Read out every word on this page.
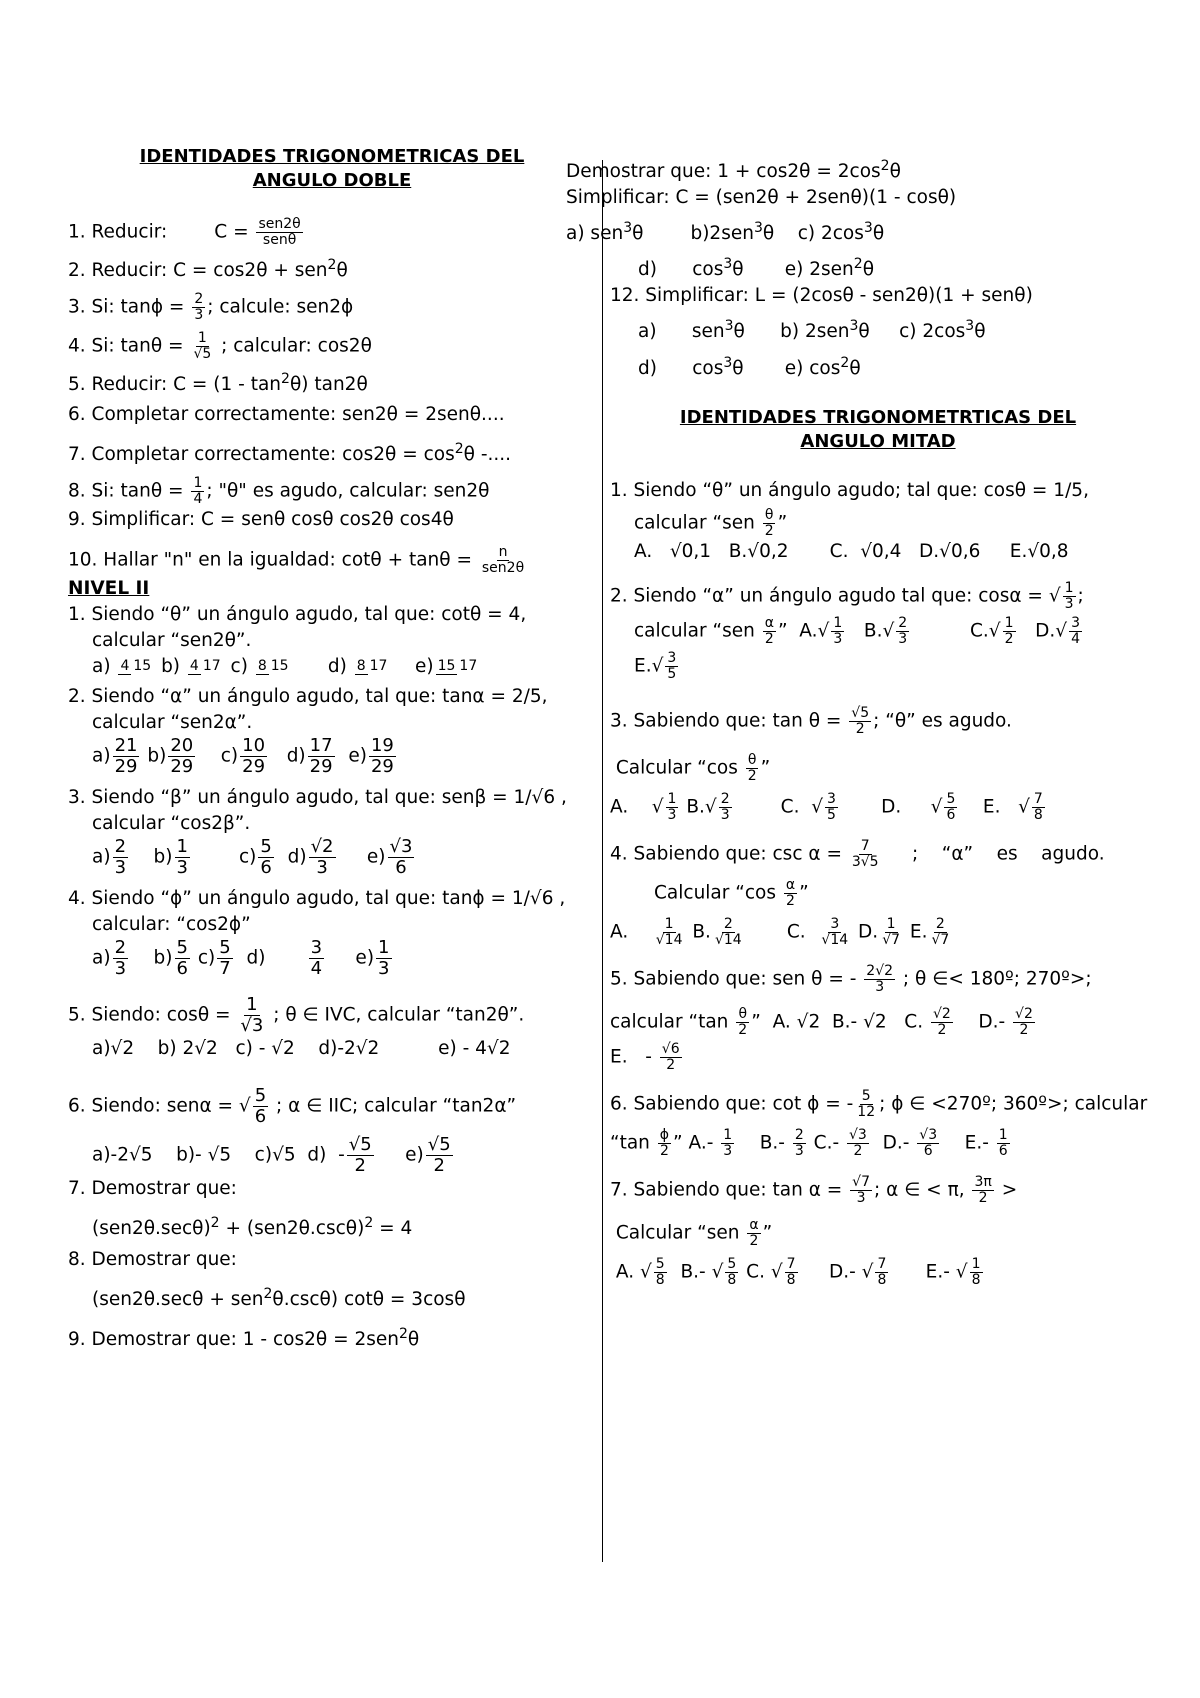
IDENTIDADES TRIGONOMETRICAS DEL
ANGULO DOBLE
1. Reducir:        $C = \frac{\text{sen2θ}}{\text{senθ}}$
2. Reducir: C = cos2θ + sen$^2$θ
3. Si: $\tan\phi = \frac{2}{3}$ ; calcule: sen2ϕ
4. Si: $\tan\theta = \frac{1}{√5}$ ; calcular: cos2θ
5. Reducir: $C = (1 - \tan^2\theta)$ tan2θ
6. Completar correctamente: sen2θ = 2senθ....
7. Completar correctamente: $\cos 2\theta = \cos^2\theta$ -....
8. Si: $\tan\theta = \frac{1}{4}$ ; "θ" es agudo, calcular: sen2θ
9. Simplificar: C = senθ cosθ cos2θ cos4θ
10. Hallar "n" en la igualdad: $\cot\theta + \tan\theta = \frac{n}{\text{sen2θ}}$
NIVEL II
1. Siendo “θ” un ángulo agudo, tal que: cotθ = 4,
calcular “sen2θ”.
a) 4 15 b) 4 17 c) 8 15      d) 8 17    e) 15 17
2. Siendo “α” un ángulo agudo, tal que: tanα = 2/5,
calcular “sen2α”.
$a) \frac{21}{29} b) \frac{20}{29} c) \frac{10}{29} d) \frac{17}{29} e) \frac{19}{29}$
3. Siendo “β” un ángulo agudo, tal que: senβ = 1/√6 ,
calcular “cos2β”.
$a) \frac{2}{3} b) \frac{1}{3} c) \frac{5}{6} d) \frac{√2}{3} e) \frac{√3}{6}$
4. Siendo “ϕ” un ángulo agudo, tal que: tanϕ = 1/√6 ,
calcular: “cos2ϕ”
$a) \frac{2}{3} b) \frac{5}{6} c) \frac{5}{7} d) \frac{3}{4} e) \frac{1}{3}$
5. Siendo: $\cos\theta = \frac{1}{√3}$ ; θ ∈ IVC, calcular “tan2θ”.
a)√2    b) 2√2   c) - √2    d)-2√2          e) - 4√2
6. Siendo: senα = √ $\frac{5}{6}$ ; α ∈ IIC; calcular “tan2α”
a)-2√5    b)- √5    c)√5  $d) - \frac{√5}{2} e) \frac{√5}{2}$
7. Demostrar que:
$(sen2\theta.\sec\theta)^2 + (sen2\theta.\csc\theta)^2 = 4$
8. Demostrar que:
(sen2θ.secθ + sen$^2$θ.cscθ) cotθ = 3cosθ
9. Demostrar que: 1 - cos2θ = 2sen$^2$θ
Demostrar que: $1 + \cos 2\theta = 2\cos^2\theta$
Simplificar: C = (sen2θ + 2senθ)(1 - cosθ)
a) sen$^3$θ        b)2sen$^3$θ    c) $2\cos^3\theta$
d)      $\cos^3\theta$       e) 2sen$^2$θ
12. Simplificar: L = (2cosθ - sen2θ)(1 + senθ)
a)      sen$^3$θ      b) 2sen$^3$θ     c) $2\cos^3\theta$
d)      $\cos^3\theta$       e) $\cos^2\theta$
IDENTIDADES TRIGONOMETRTICAS DEL
ANGULO MITAD
1. Siendo “θ” un ángulo agudo; tal que: cosθ = 1/5,
calcular “sen $\frac{\theta}{2}$ ”
A.   √0,1   B.√0,2       C.  √0,4   D.√0,6     E.√0,8
2. Siendo “α” un ángulo agudo tal que: cosα = √ $\frac{1}{3}$ ;
calcular “sen $\frac{\alpha}{2}$ ”  $A.√ \frac{1}{3} B.√ \frac{2}{3} C.√ \frac{1}{2} D.√ \frac{3}{4}$
$E.√ \frac{3}{5}$
3. Sabiendo que: $\tan \theta = \frac{√5}{2}$ ; “θ” es agudo.
Calcular “$\cos \frac{\theta}{2}$ ”
A.    √ $\frac{1}{3} B.√ \frac{2}{3} C$.  √ $\frac{3}{5} D$.     √ $\frac{5}{6} E$.   √ $\frac{7}{8}$
4. Sabiendo que: $\csc \alpha = \frac{7}{3√5}$ ;    “α”    es    agudo.
Calcular “$\cos \frac{\alpha}{2}$ ”
A. $\frac{1}{√14} B$. $\frac{2}{√14} C$. $\frac{3}{√14} D$. $\frac{1}{√7} E$. $\frac{2}{√7}$
5. Sabiendo que: sen θ = - $\frac{2√2}{3}$ ; θ ∈< 180º; 270º>;
calcular “$\tan \frac{\theta}{2}$ ”  A. √2  B.- √2   C. $\frac{√2}{2} D.- \frac{√2}{2}$
E.   - $\frac{√6}{2}$
6. Sabiendo que: cot ϕ = - $\frac{5}{12}$ ; ϕ ∈ <270º; 360º>; calcular
“$\tan \frac{\phi}{2}$ ” $A.- \frac{1}{3} B.- \frac{2}{3} C.- \frac{√3}{2} D.- \frac{√3}{6} E.- \frac{1}{6}$
7. Sabiendo que: $\tan \alpha = \frac{√7}{3}$ ; α ∈ < π, $\frac{3\pi}{2}$ >
Calcular “sen $\frac{\alpha}{2}$ ”
A. √ $\frac{5}{8} B.-$ √ $\frac{5}{8} C$. √ $\frac{7}{8} D.-$ √ $\frac{7}{8} E.-$ √ $\frac{1}{8}$
